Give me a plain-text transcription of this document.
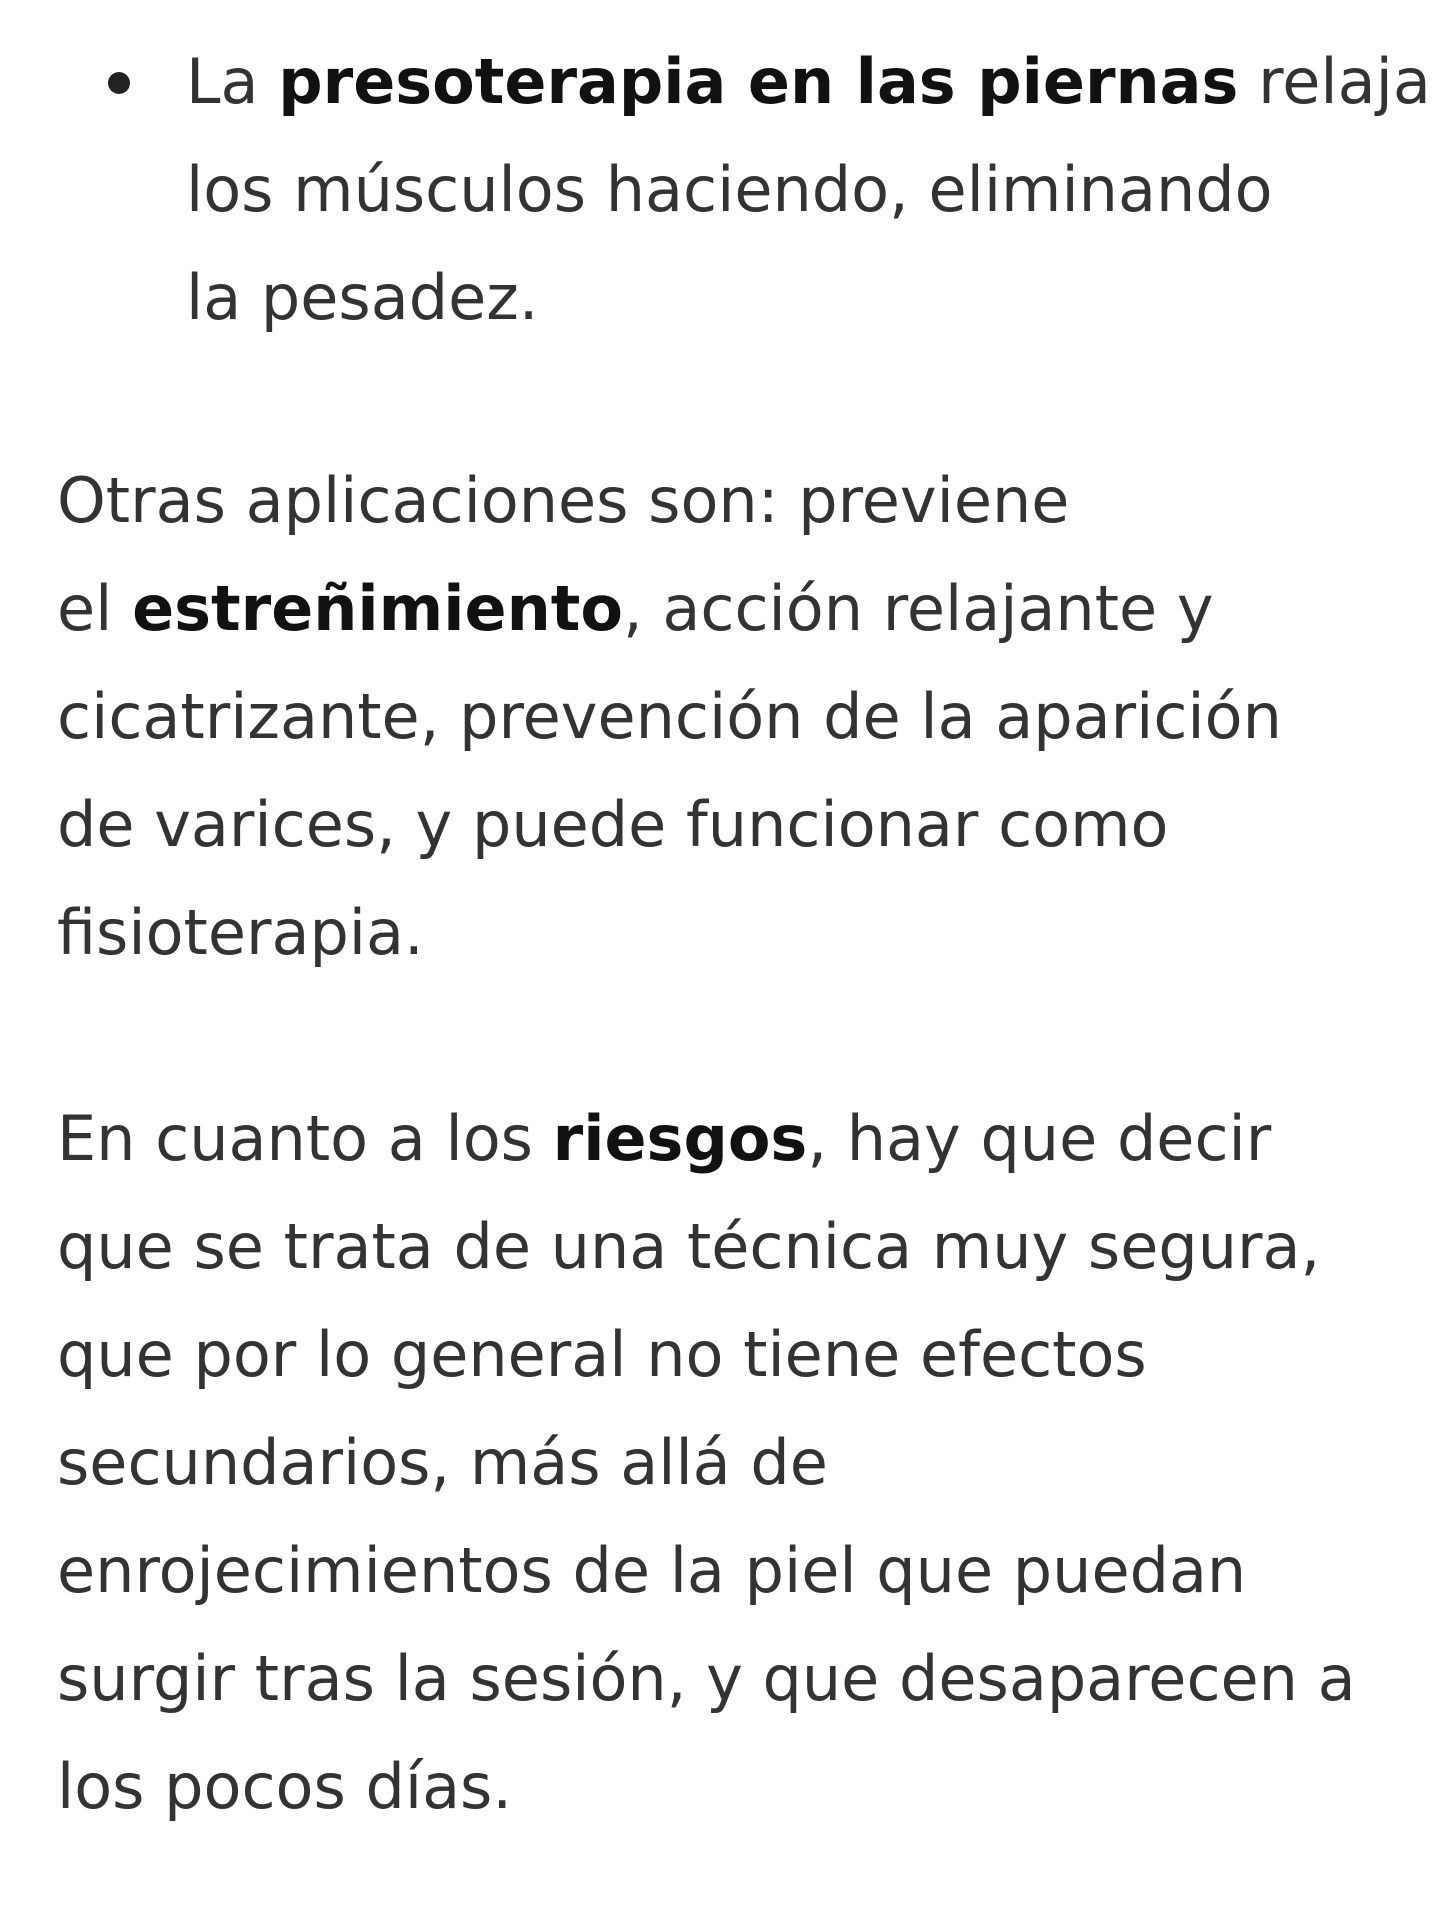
La presoterapia en las piernas relaja
los músculos haciendo, eliminando
la pesadez.

Otras aplicaciones son: previene
el estreñimiento, acción relajante y
cicatrizante, prevención de la aparición
de varices, y puede funcionar como
fisioterapia.

En cuanto a los riesgos, hay que decir
que se trata de una técnica muy segura,
que por lo general no tiene efectos
secundarios, más allá de
enrojecimientos de la piel que puedan
surgir tras la sesión, y que desaparecen a
los pocos días.
